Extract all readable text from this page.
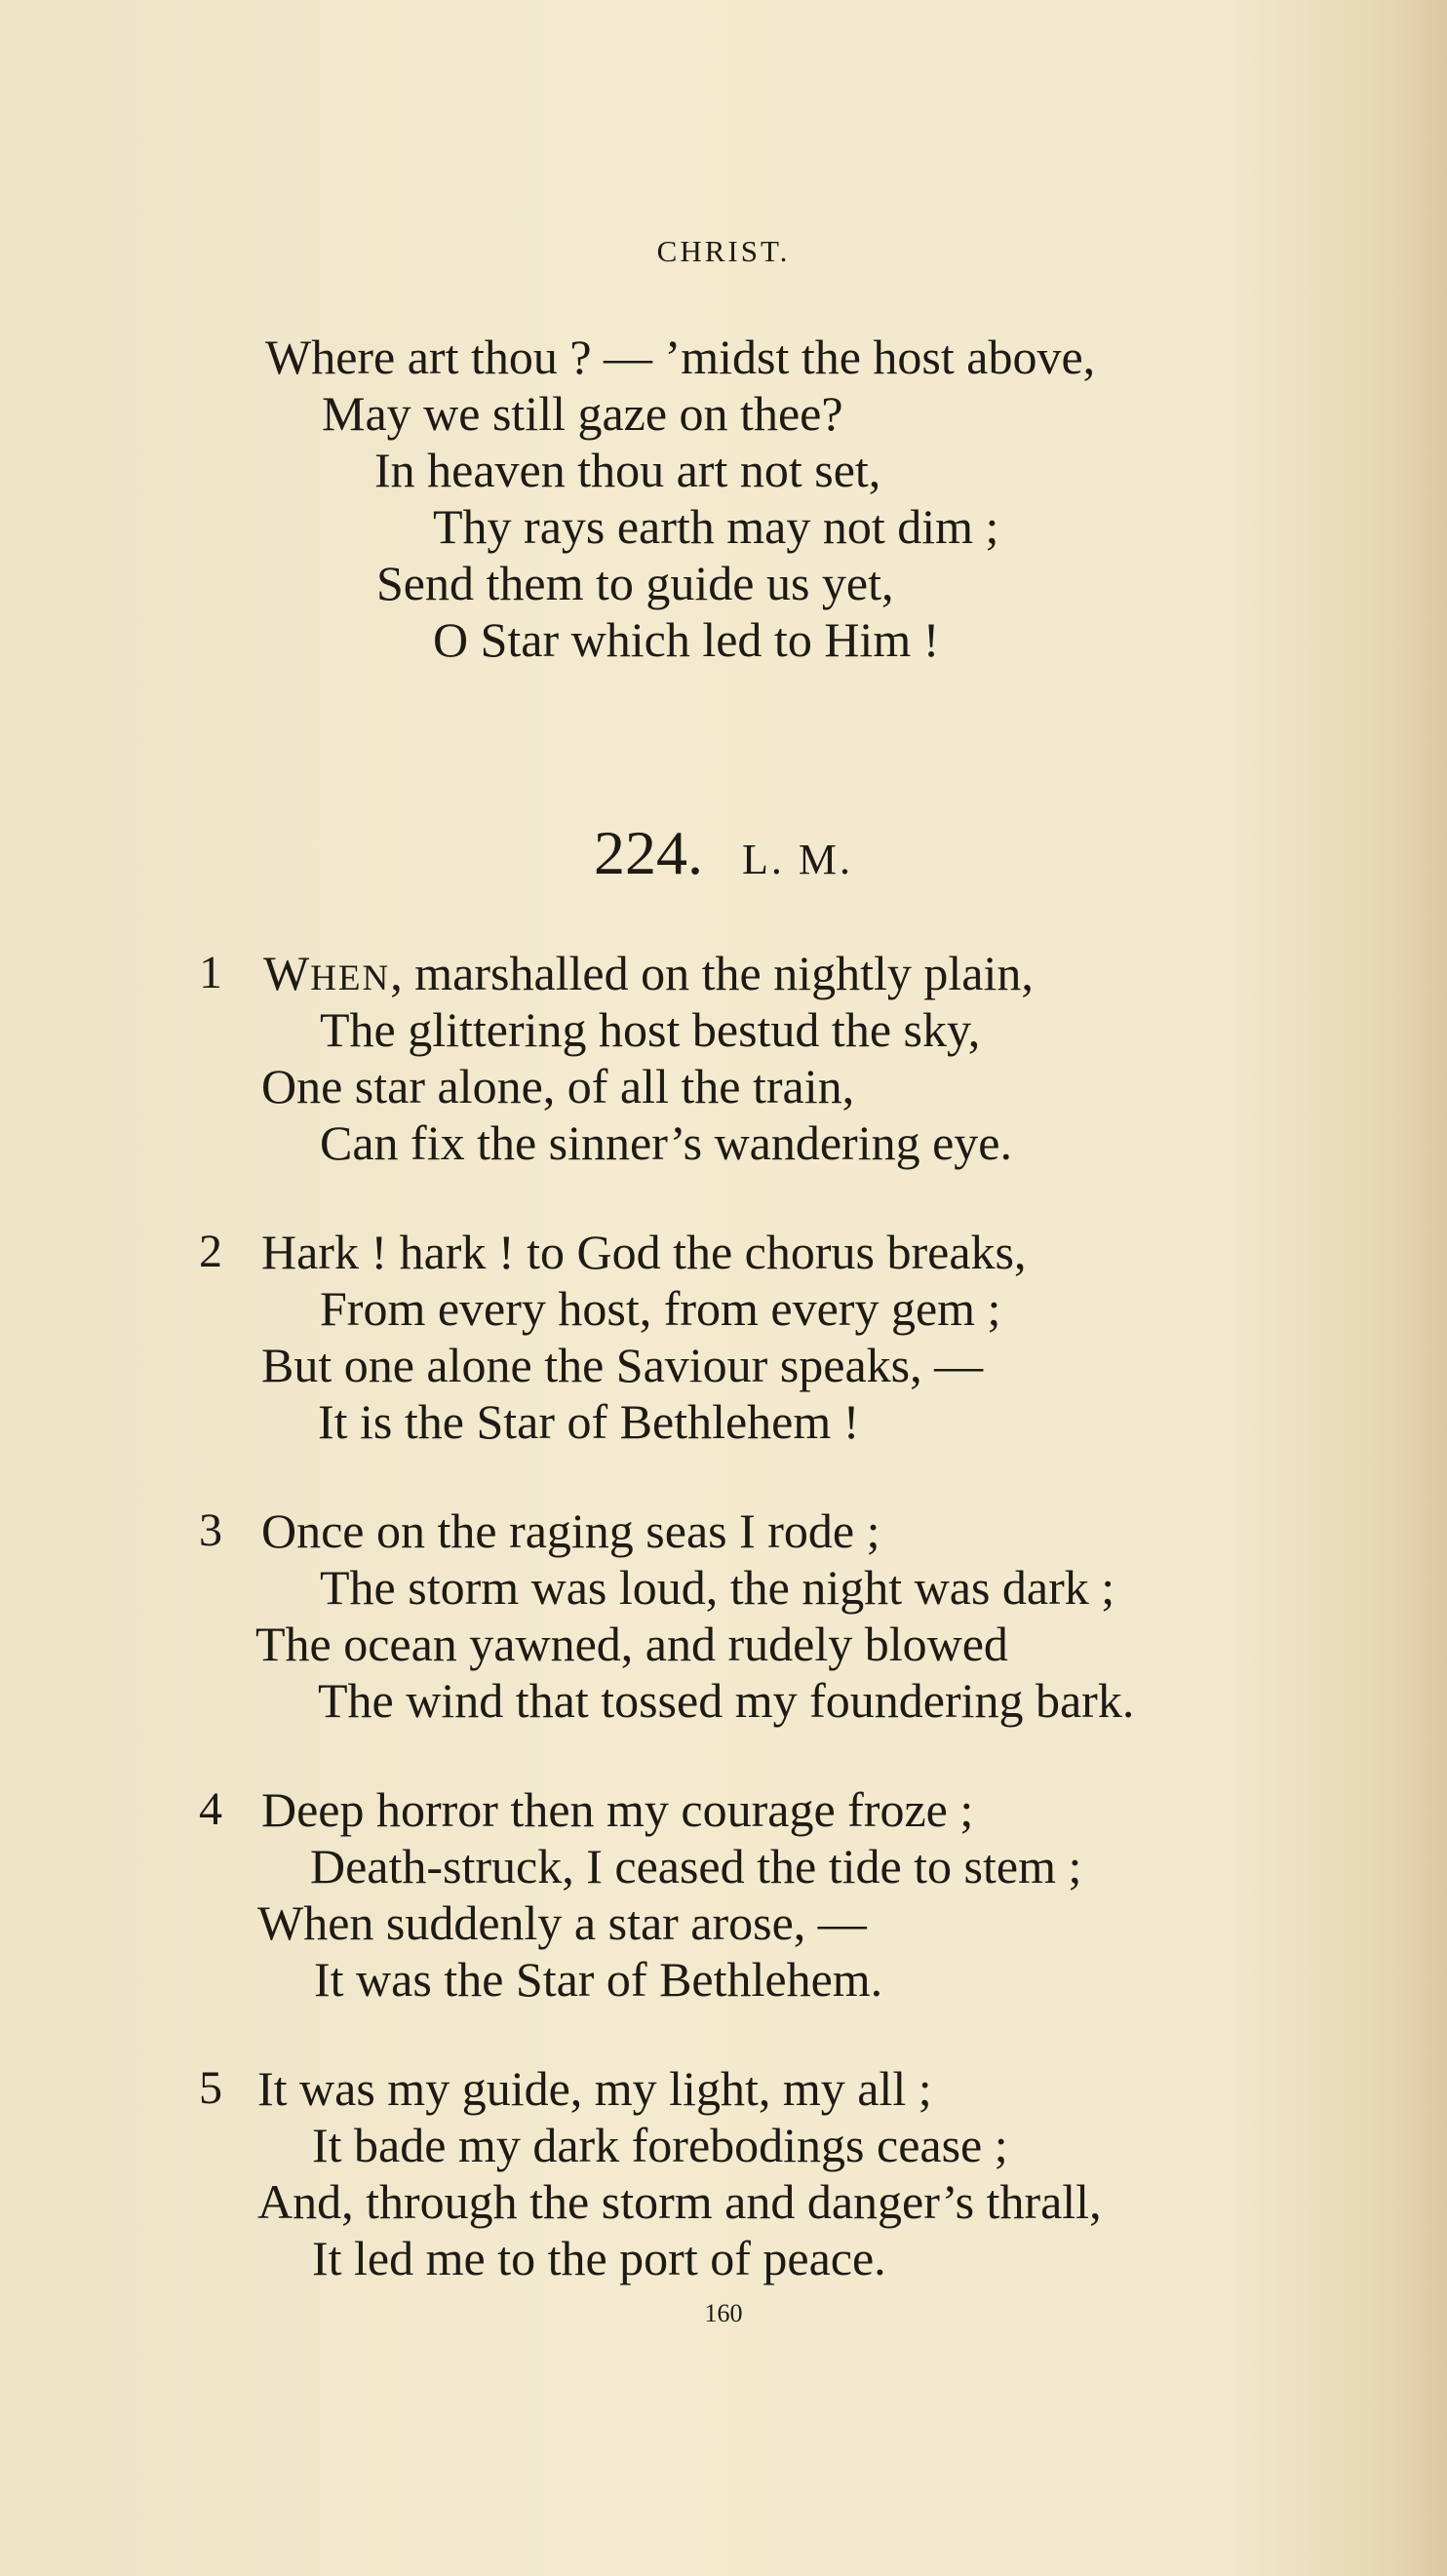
CHRIST.
Where art thou ? — ’midst the host above,
May we still gaze on thee?
In heaven thou art not set,
Thy rays earth may not dim ;
Send them to guide us yet,
O Star which led to Him !
224. L. M.
1 WHEN, marshalled on the nightly plain,
The glittering host bestud the sky,
One star alone, of all the train,
Can fix the sinner’s wandering eye.
2 Hark ! hark ! to God the chorus breaks,
From every host, from every gem ;
But one alone the Saviour speaks, —
It is the Star of Bethlehem !
3 Once on the raging seas I rode ;
The storm was loud, the night was dark ;
The ocean yawned, and rudely blowed
The wind that tossed my foundering bark.
4 Deep horror then my courage froze ;
Death-struck, I ceased the tide to stem ;
When suddenly a star arose, —
It was the Star of Bethlehem.
5 It was my guide, my light, my all ;
It bade my dark forebodings cease ;
And, through the storm and danger’s thrall,
It led me to the port of peace.
160
